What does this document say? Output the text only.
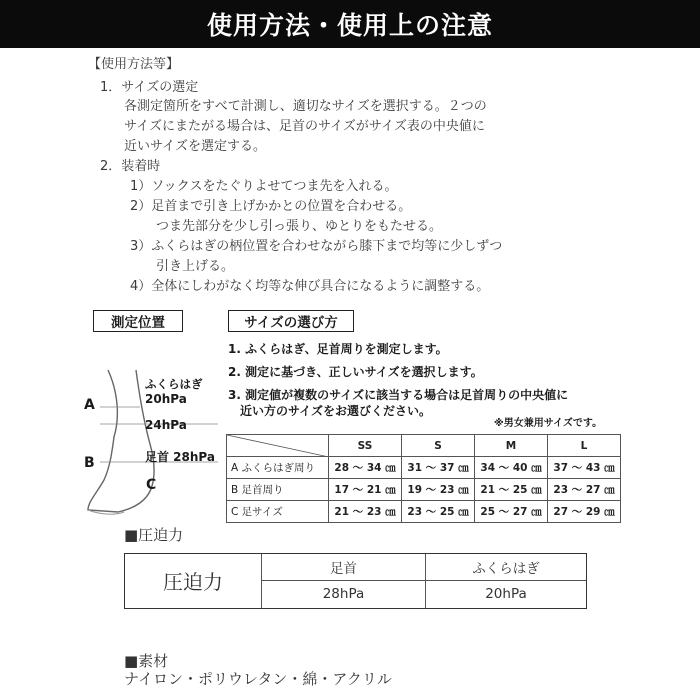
使用方法・使用上の注意
【使用方法等】
1．サイズの選定
各測定箇所をすべて計測し、適切なサイズを選択する。２つの
サイズにまたがる場合は、足首のサイズがサイズ表の中央値に
近いサイズを選定する。
2．装着時
1）ソックスをたぐりよせてつま先を入れる。
2）足首まで引き上げかかとの位置を合わせる。
つま先部分を少し引っ張り、ゆとりをもたせる。
3）ふくらはぎの柄位置を合わせながら膝下まで均等に少しずつ
引き上げる。
4）全体にしわがなく均等な伸び具合になるように調整する。
測定位置
A
B
C
ふくらはぎ
20hPa
24hPa
足首 28hPa
サイズの選び方
1. ふくらはぎ、足首周りを測定します。
2. 測定に基づき、正しいサイズを選択します。
3. 測定値が複数のサイズに該当する場合は足首周りの中央値に
近い方のサイズをお選びください。
※男女兼用サイズです。
	SS	S	M	L
A ふくらはぎ周り	28 〜 34 ㎝	31 〜 37 ㎝	34 〜 40 ㎝	37 〜 43 ㎝
B 足首周り	17 〜 21 ㎝	19 〜 23 ㎝	21 〜 25 ㎝	23 〜 27 ㎝
C 足サイズ	21 〜 23 ㎝	23 〜 25 ㎝	25 〜 27 ㎝	27 〜 29 ㎝
■圧迫力
圧迫力
足首	ふくらはぎ
28hPa	20hPa
■素材
ナイロン・ポリウレタン・綿・アクリル
